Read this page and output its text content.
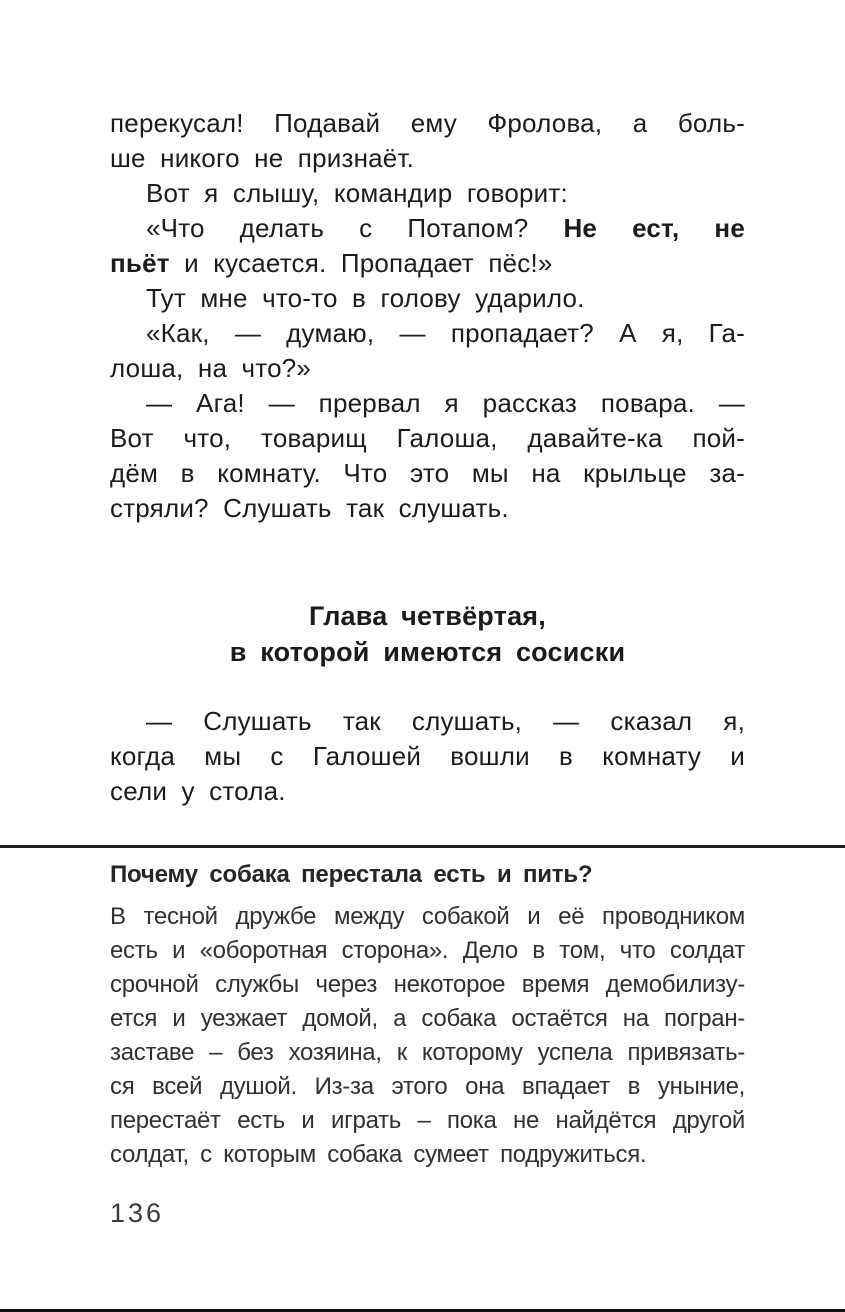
перекусал! Подавай ему Фролова, а боль-
ше никого не признаёт.
Вот я слышу, командир говорит:
«Что делать с Потапом? Не ест, не
пьёт и кусается. Пропадает пёс!»
Тут мне что-то в голову ударило.
«Как, — думаю, — пропадает? А я, Га-
лоша, на что?»
— Ага! — прервал я рассказ повара. —
Вот что, товарищ Галоша, давайте-ка пой-
дём в комнату. Что это мы на крыльце за-
стряли? Слушать так слушать.
Глава четвёртая,
в которой имеются сосиски
— Слушать так слушать, — сказал я,
когда мы с Галошей вошли в комнату и
сели у стола.
Почему собака перестала есть и пить?
В тесной дружбе между собакой и её проводником
есть и «оборотная сторона». Дело в том, что солдат
срочной службы через некоторое время демобилизу-
ется и уезжает домой, а собака остаётся на погран-
заставе – без хозяина, к которому успела привязать-
ся всей душой. Из-за этого она впадает в уныние,
перестаёт есть и играть – пока не найдётся другой
солдат, с которым собака сумеет подружиться.
136
